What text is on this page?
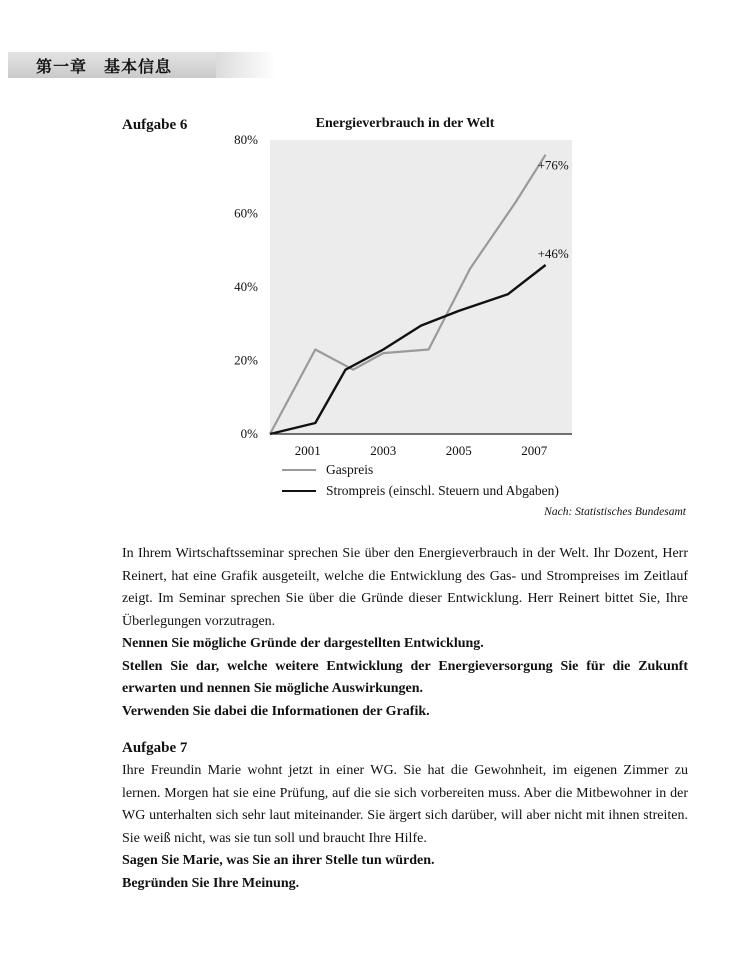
第一章　基本信息
Aufgabe 6	Energieverbrauch in der Welt
0%
20%
40%
60%
80%
2001	2003	2005	2007
+76%
+46%
Gaspreis
Strompreis (einschl. Steuern und Abgaben)
Nach: Statistisches Bundesamt

In Ihrem Wirtschaftsseminar sprechen Sie über den Energieverbrauch in der Welt. Ihr Dozent, Herr Reinert, hat eine Grafik ausgeteilt, welche die Entwicklung des Gas- und Strompreises im Zeitlauf zeigt. Im Seminar sprechen Sie über die Gründe dieser Entwicklung. Herr Reinert bittet Sie, Ihre Überlegungen vorzutragen.

Nennen Sie mögliche Gründe der dargestellten Entwicklung.

Stellen Sie dar, welche weitere Entwicklung der Energieversorgung Sie für die Zukunft erwarten und nennen Sie mögliche Auswirkungen.

Verwenden Sie dabei die Informationen der Grafik.

Aufgabe 7

Ihre Freundin Marie wohnt jetzt in einer WG. Sie hat die Gewohnheit, im eigenen Zimmer zu lernen. Morgen hat sie eine Prüfung, auf die sie sich vorbereiten muss. Aber die Mitbewohner in der WG unterhalten sich sehr laut miteinander. Sie ärgert sich darüber, will aber nicht mit ihnen streiten. Sie weiß nicht, was sie tun soll und braucht Ihre Hilfe.

Sagen Sie Marie, was Sie an ihrer Stelle tun würden.

Begründen Sie Ihre Meinung.
